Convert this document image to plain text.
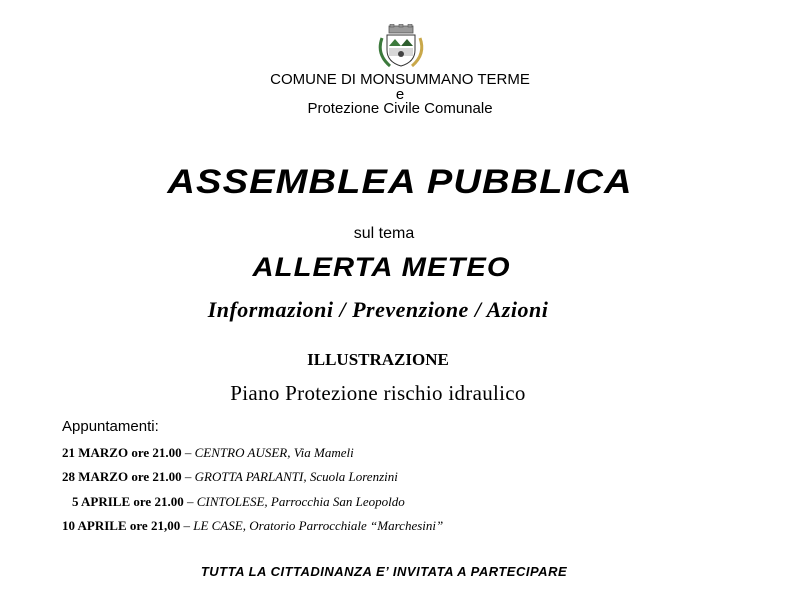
COMUNE DI MONSUMMANO TERME
e
Protezione Civile Comunale
ASSEMBLEA PUBBLICA
sul tema
ALLERTA METEO
Informazioni / Prevenzione / Azioni
ILLUSTRAZIONE
Piano Protezione rischio idraulico
Appuntamenti:
21 MARZO ore 21.00 – CENTRO AUSER, Via Mameli
28 MARZO ore 21.00 – GROTTA PARLANTI, Scuola Lorenzini
5 APRILE ore 21.00 – CINTOLESE, Parrocchia San Leopoldo
10 APRILE ore 21,00 – LE CASE, Oratorio Parrocchiale “Marchesini”
TUTTA LA CITTADINANZA E’ INVITATA A PARTECIPARE
